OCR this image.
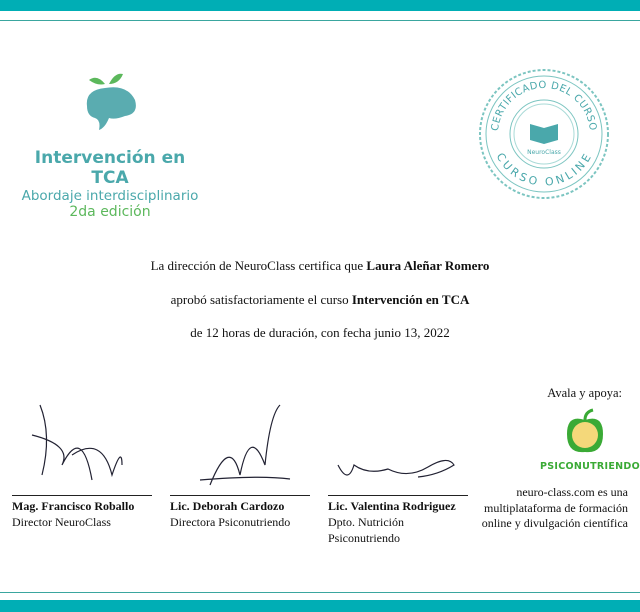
Intervención en TCA
Abordaje interdisciplinario
2da edición
CERTIFICADO DEL CURSO
CURSO ONLINE
NeuroClass
La dirección de NeuroClass certifica que Laura Aleñar Romero
aprobó satisfactoriamente el curso Intervención en TCA
de 12 horas de duración, con fecha junio 13, 2022
Mag. Francisco Roballo
Director NeuroClass
Lic. Deborah Cardozo
Directora Psiconutriendo
Lic. Valentina Rodriguez
Dpto. Nutrición
Psiconutriendo
Avala y apoya:
PSICONUTRIENDO
neuro-class.com es una
multiplataforma de formación
online y divulgación científica
